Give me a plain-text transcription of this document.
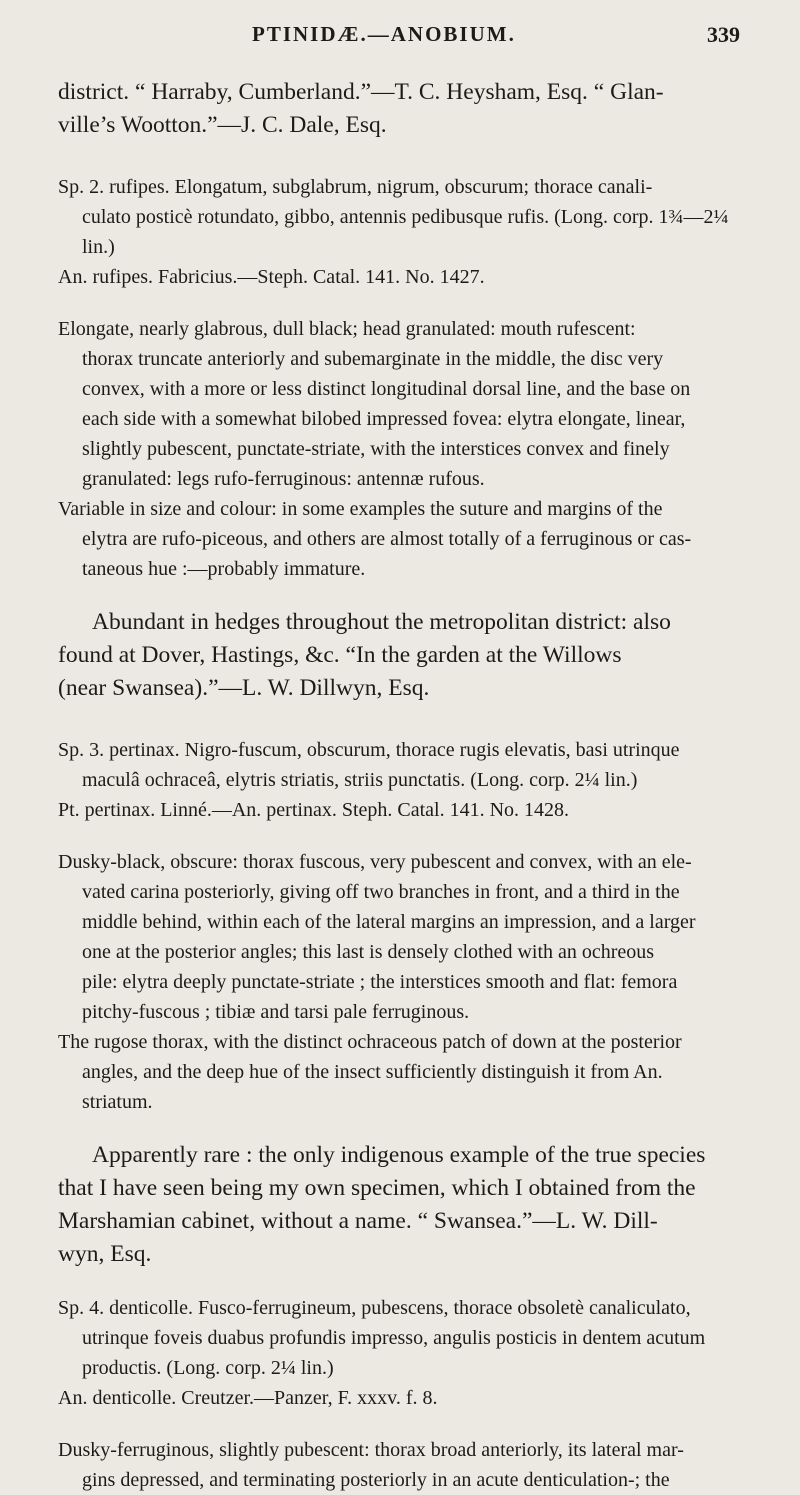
PTINIDÆ.—ANOBIUM.	339
district. “ Harraby, Cumberland.”—T. C. Heysham, Esq. “ Glan-
ville’s Wootton.”—J. C. Dale, Esq.
Sp. 2. rufipes. Elongatum, subglabrum, nigrum, obscurum; thorace canali-
culato posticè rotundato, gibbo, antennis pedibusque rufis. (Long. corp. 1¾—2¼
lin.)
An. rufipes. Fabricius.—Steph. Catal. 141. No. 1427.
Elongate, nearly glabrous, dull black; head granulated: mouth rufescent:
thorax truncate anteriorly and subemarginate in the middle, the disc very
convex, with a more or less distinct longitudinal dorsal line, and the base on
each side with a somewhat bilobed impressed fovea: elytra elongate, linear,
slightly pubescent, punctate-striate, with the interstices convex and finely
granulated: legs rufo-ferruginous: antennæ rufous.
Variable in size and colour: in some examples the suture and margins of the
elytra are rufo-piceous, and others are almost totally of a ferruginous or cas-
taneous hue :—probably immature.
Abundant in hedges throughout the metropolitan district: also
found at Dover, Hastings, &c. “In the garden at the Willows
(near Swansea).”—L. W. Dillwyn, Esq.
Sp. 3. pertinax. Nigro-fuscum, obscurum, thorace rugis elevatis, basi utrinque
maculâ ochraceâ, elytris striatis, striis punctatis. (Long. corp. 2¼ lin.)
Pt. pertinax. Linné.—An. pertinax. Steph. Catal. 141. No. 1428.
Dusky-black, obscure: thorax fuscous, very pubescent and convex, with an ele-
vated carina posteriorly, giving off two branches in front, and a third in the
middle behind, within each of the lateral margins an impression, and a larger
one at the posterior angles; this last is densely clothed with an ochreous
pile: elytra deeply punctate-striate ; the interstices smooth and flat: femora
pitchy-fuscous ; tibiæ and tarsi pale ferruginous.
The rugose thorax, with the distinct ochraceous patch of down at the posterior
angles, and the deep hue of the insect sufficiently distinguish it from An.
striatum.
Apparently rare : the only indigenous example of the true species
that I have seen being my own specimen, which I obtained from the
Marshamian cabinet, without a name. “ Swansea.”—L. W. Dill-
wyn, Esq.
Sp. 4. denticolle. Fusco-ferrugineum, pubescens, thorace obsoletè canaliculato,
utrinque foveis duabus profundis impresso, angulis posticis in dentem acutum
productis. (Long. corp. 2¼ lin.)
An. denticolle. Creutzer.—Panzer, F. xxxv. f. 8.
Dusky-ferruginous, slightly pubescent: thorax broad anteriorly, its lateral mar-
gins depressed, and terminating posteriorly in an acute denticulation-; the
